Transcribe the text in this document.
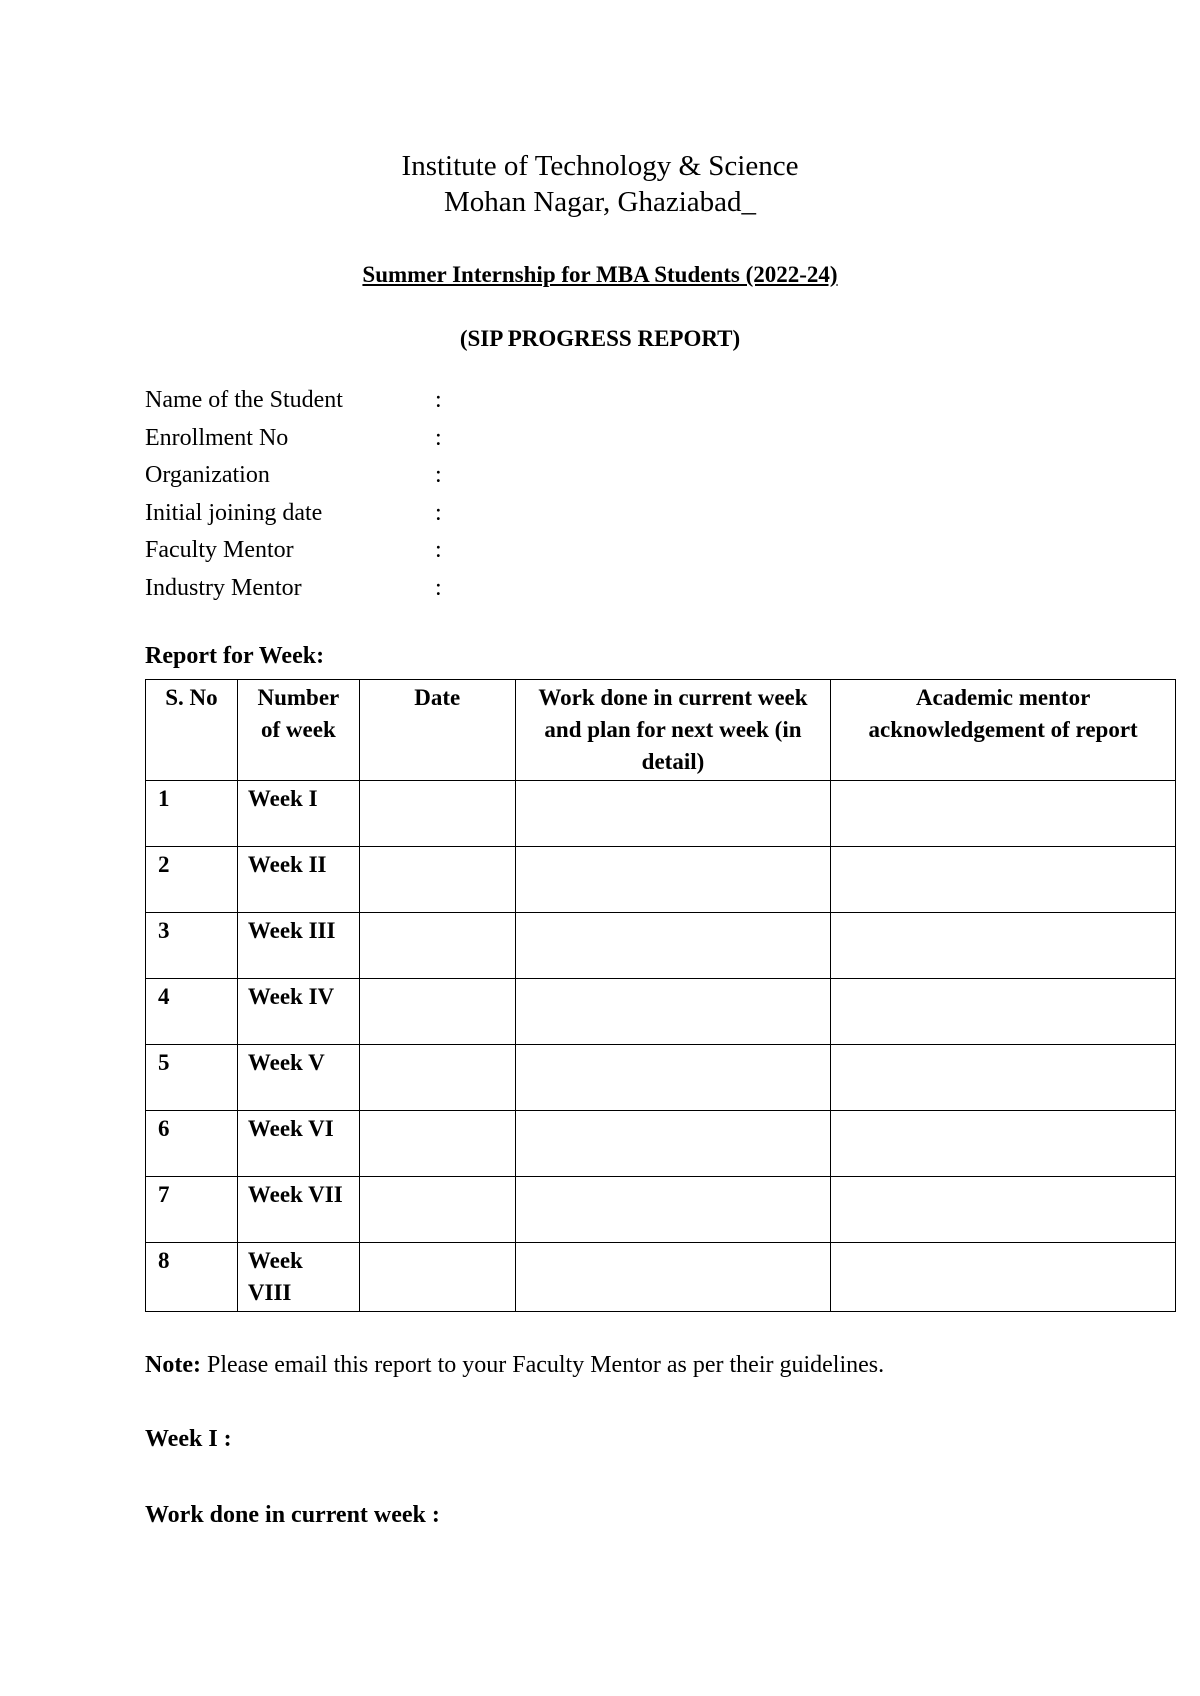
Institute of Technology & Science
Mohan Nagar, Ghaziabad_
Summer Internship for MBA Students (2022-24)
(SIP PROGRESS REPORT)
Name of the Student	:
Enrollment No	:
Organization	:
Initial joining date	:
Faculty Mentor	:
Industry Mentor	:
Report for Week:
S. No	Number of week	Date	Work done in current week and plan for next week (in detail)	Academic mentor acknowledgement of report
1	Week I			
2	Week II			
3	Week III			
4	Week IV			
5	Week V			
6	Week VI			
7	Week VII			
8	Week VIII			
Note: Please email this report to your Faculty Mentor as per their guidelines.
Week I :
Work done in current week :
